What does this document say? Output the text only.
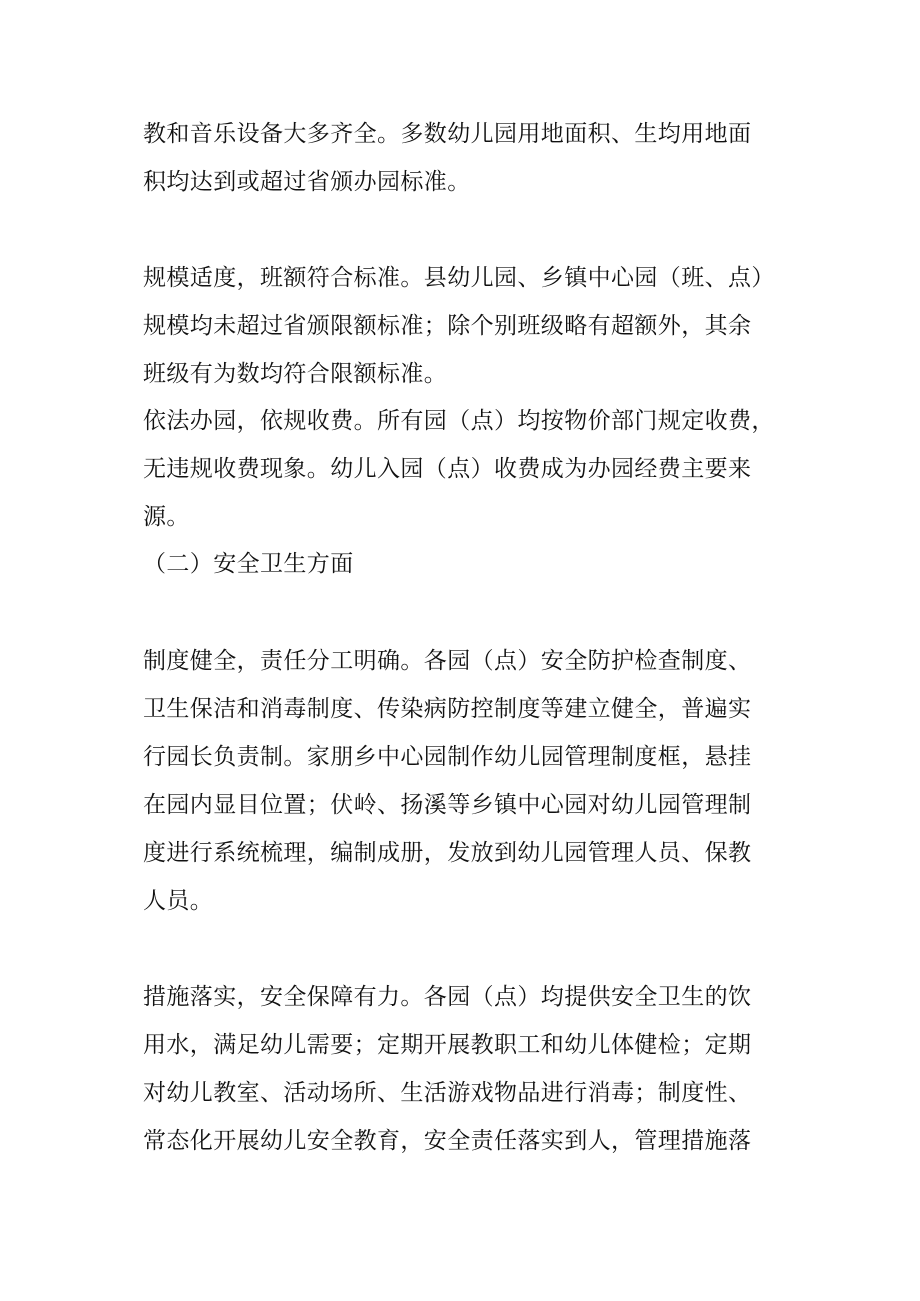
教和音乐设备大多齐全。多数幼儿园用地面积、生均用地面
积均达到或超过省颁办园标准。
规模适度，班额符合标准。县幼儿园、乡镇中心园（班、点）
规模均未超过省颁限额标准；除个别班级略有超额外，其余
班级有为数均符合限额标准。
依法办园，依规收费。所有园（点）均按物价部门规定收费，
无违规收费现象。幼儿入园（点）收费成为办园经费主要来
源。
（二）安全卫生方面
制度健全，责任分工明确。各园（点）安全防护检查制度、
卫生保洁和消毒制度、传染病防控制度等建立健全，普遍实
行园长负责制。家朋乡中心园制作幼儿园管理制度框，悬挂
在园内显目位置；伏岭、扬溪等乡镇中心园对幼儿园管理制
度进行系统梳理，编制成册，发放到幼儿园管理人员、保教
人员。
措施落实，安全保障有力。各园（点）均提供安全卫生的饮
用水，满足幼儿需要；定期开展教职工和幼儿体健检；定期
对幼儿教室、活动场所、生活游戏物品进行消毒；制度性、
常态化开展幼儿安全教育，安全责任落实到人，管理措施落
